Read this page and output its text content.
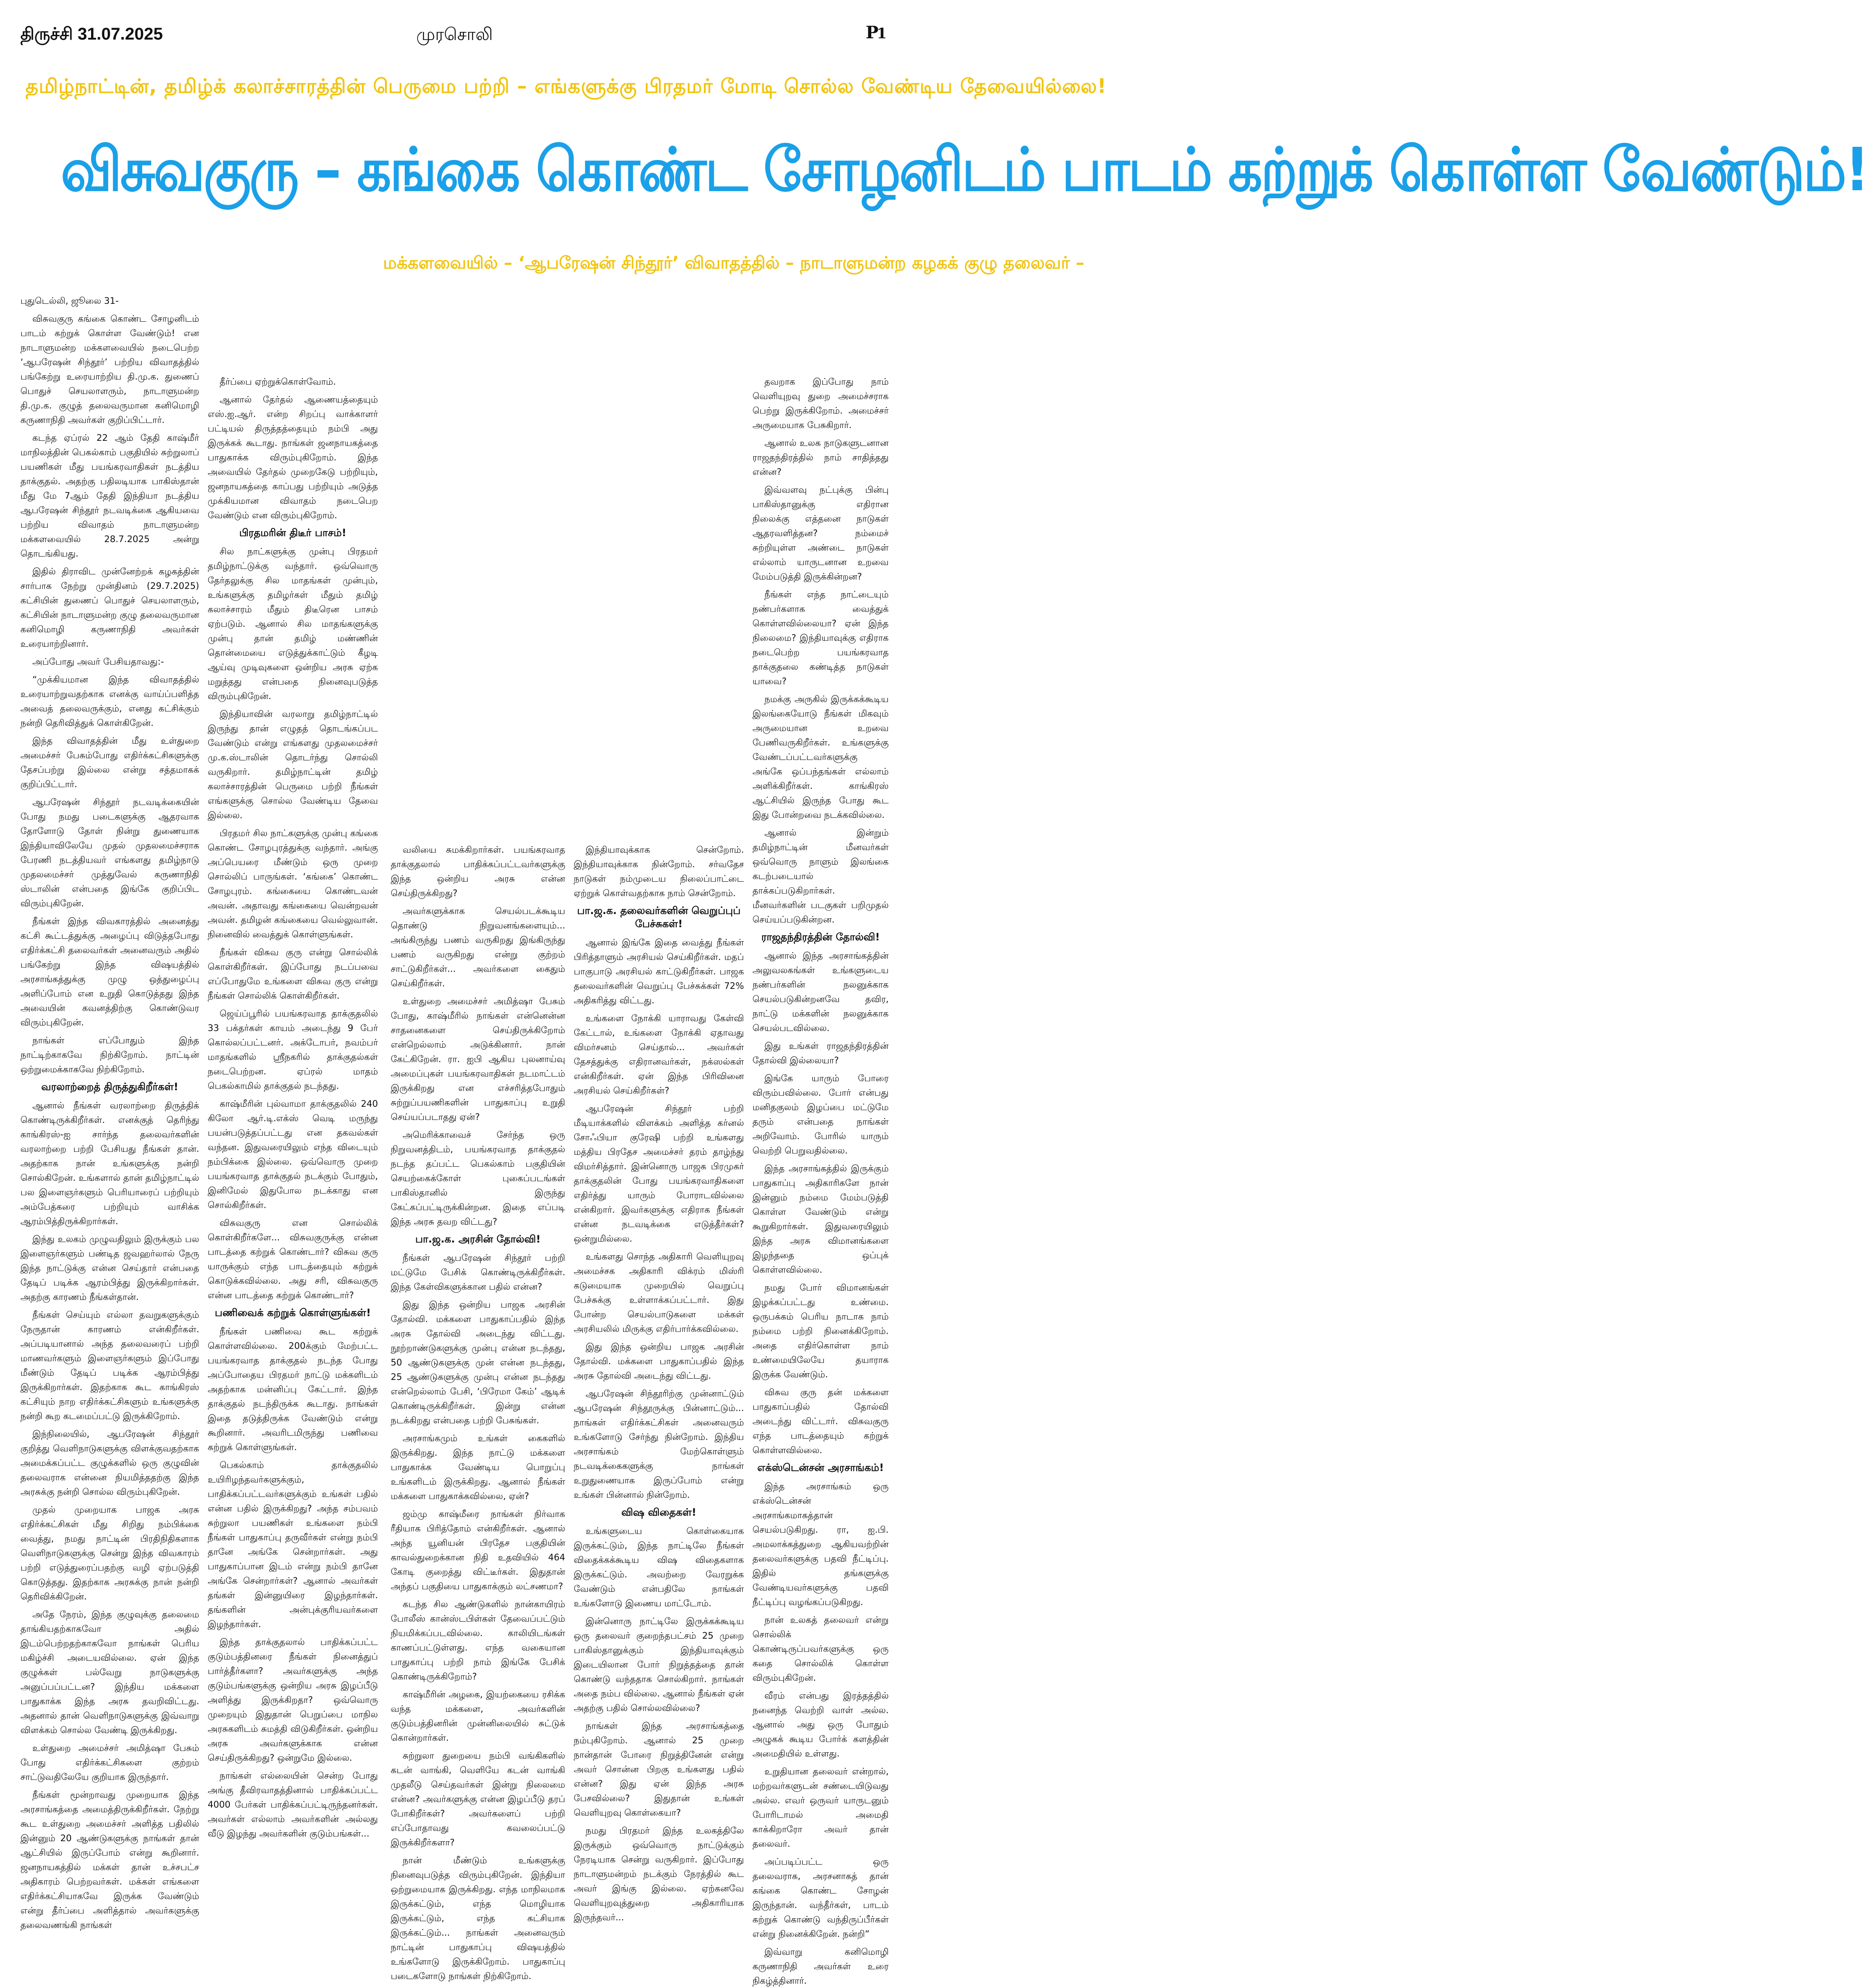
திருச்சி 31.07.2025	முரசொலி	P
1
தமிழ்நாட்டின், தமிழ்க் கலாச்சாரத்தின் பெருமை பற்றி – எங்களுக்கு பிரதமர் மோடி சொல்ல வேண்டிய தேவையில்லை!
விசுவகுரு – கங்கை கொண்ட சோழனிடம் பாடம் கற்றுக் கொள்ள வேண்டும்!

புதுடெல்லி, ஜூலை 31-

விசுவகுரு கங்கை கொண்ட சோழனிடம் பாடம் கற்றுக் கொள்ள வேண்டும்! என நாடாளுமன்ற மக்களவையில் நடைபெற்ற ‘ஆபரேஷன் சிந்தூர்’ பற்றிய விவாதத்தில் பங்கேற்று உரையாற்றிய தி.மு.க. துணைப் பொதுச் செயலாளரும், நாடாளுமன்ற தி.மு.க. குழுத் தலைவருமான கனிமொழி கருணாநிதி அவர்கள் குறிப்பிட்டார்.

கடந்த ஏப்ரல் 22 ஆம் தேதி காஷ்மீர் மாநிலத்தின் பெகல்காம் பகுதியில் சுற்றுலாப் பயணிகள் மீது பயங்கரவாதிகள் நடத்திய தாக்குதல். அதற்கு பதிலடியாக பாகிஸ்தான் மீது மே 7ஆம் தேதி இந்தியா நடத்திய ஆபரேஷன் சிந்தூர் நடவடிக்கை ஆகியவை பற்றிய விவாதம் நாடாளுமன்ற மக்களவையில் 28.7.2025 அன்று தொடங்கியது.

இதில் திராவிட முன்னேற்றக் கழகத்தின் சார்பாக நேற்று முன்தினம் (29.7.2025) கட்சியின் துணைப் பொதுச் செயலாளரும், கட்சியின் நாடாளுமன்ற குழு தலைவருமான கனிமொழி கருணாநிதி அவர்கள் உரையாற்றினார்.

அப்போது அவர் பேசியதாவது:-

“முக்கியமான இந்த விவாதத்தில் உரையாற்றுவதற்காக எனக்கு வாய்ப்பளித்த அவைத் தலைவருக்கும், எனது கட்சிக்கும் நன்றி தெரிவித்துக் கொள்கிறேன்.

இந்த விவாதத்தின் மீது உள்துறை அமைச்சர் பேசும்போது எதிர்க்கட்சிகளுக்கு தேசப்பற்று இல்லை என்று சத்தமாகக் குறிப்பிட்டார்.

ஆபரேஷன் சிந்தூர் நடவடிக்கையின் போது நமது படைகளுக்கு ஆதரவாக தோளோடு தோள் நின்று துணையாக இந்தியாவிலேயே முதல் முதலமைச்சராக பேரணி நடத்தியவர் எங்களது தமிழ்நாடு முதலமைச்சர் முத்துவேல் கருணாநிதி ஸ்டாலின் என்பதை இங்கே குறிப்பிட விரும்புகிறேன்.

நீங்கள் இந்த விவகாரத்தில் அனைத்து கட்சி கூட்டத்துக்கு அழைப்பு விடுத்தபோது எதிர்க்கட்சி தலைவர்கள் அனைவரும் அதில் பங்கேற்று இந்த விஷயத்தில் அரசாங்கத்துக்கு முழு ஒத்துழைப்பு அளிப்போம் என உறுதி கொடுத்தது இந்த அவையின் கவனத்திற்கு கொண்டுவர விரும்புகிறேன்.

நாங்கள் எப்போதும் இந்த நாட்டிற்காகவே நிற்கிறோம். நாட்டின் ஒற்றுமைக்காகவே நிற்கிறோம்.

வரலாற்றைத் திருத்துகிறீர்கள்!

ஆனால் நீங்கள் வரலாற்றை திருத்திக் கொண்டிருக்கிறீர்கள். எனக்குத் தெரிந்து காங்கிரஸ்-ஐ சார்ந்த தலைவர்களின் வரலாற்றை பற்றி பேசியது நீங்கள் தான். அதற்காக நான் உங்களுக்கு நன்றி சொல்கிறேன். உங்களால் தான் தமிழ்நாட்டில் பல இளைஞர்களும் பெரியாரைப் பற்றியும் அம்பேத்கரை பற்றியும் வாசிக்க ஆரம்பித்திருக்கிறார்கள்.

இந்து உலகம் முழுவதிலும் இருக்கும் பல இளைஞர்களும் பண்டித ஜவஹர்லால் நேரு இந்த நாட்டுக்கு என்ன செய்தார் என்பதை தேடிப் படிக்க ஆரம்பித்து இருக்கிறார்கள். அதற்கு காரணம் நீங்கள்தான்.

நீங்கள் செய்யும் எல்லா தவறுகளுக்கும் நேருதான் காரணம் என்கிறீர்கள். அப்படியானால் அந்த தலைவரைப் பற்றி மாணவர்களும் இளைஞர்களும் இப்போது மீண்டும் தேடிப் படிக்க ஆரம்பித்து இருக்கிறார்கள். இதற்காக கூட காங்கிரஸ் கட்சியும் நாற எதிர்க்கட்சிகளும் உங்களுக்கு நன்றி கூற கடமைப்பட்டு இருக்கிறோம்.

இந்நிலையில், ஆபரேஷன் சிந்தூர் குறித்து வெளிநாடுகளுக்கு விளக்குவதற்காக அமைக்கப்பட்ட குழுக்களில் ஒரு குழுவின் தலைவராக என்னை நியமித்ததற்கு இந்த அரசுக்கு நன்றி சொல்ல விரும்புகிறேன்.

முதல் முறையாக பாஜக அரசு எதிர்க்கட்சிகள் மீது சிறிது நம்பிக்கை வைத்து, நமது நாட்டின் பிரதிநிதிகளாக வெளிநாடுகளுக்கு சென்று இந்த விவகாரம் பற்றி எடுத்துரைப்பதற்கு வழி ஏற்படுத்தி கொடுத்தது. இதற்காக அரசுக்கு நான் நன்றி தெரிவிக்கிறேன்.

அதே நேரம், இந்த குழுவுக்கு தலைமை தாங்கியதற்காகவோ அதில் இடம்பெற்றதற்காகவோ நாங்கள் பெரிய மகிழ்ச்சி அடையவில்லை. ஏன் இந்த குழுக்கள் பல்வேறு நாடுகளுக்கு அனுப்பப்பட்டன? இந்திய மக்களை பாதுகாக்க இந்த அரசு தவறிவிட்டது. அதனால் தான் வெளிநாடுகளுக்கு இவ்வாறு விளக்கம் சொல்ல வேண்டி இருக்கிறது.

உள்துறை அமைச்சர் அமித்ஷா பேசும் போது எதிர்க்கட்சிகளை குற்றம் சாட்டுவதிலேயே குறியாக இருந்தார்.

நீங்கள் மூன்றாவது முறையாக இந்த அரசாங்கத்தை அமைத்திருக்கிறீர்கள். நேற்று கூட உள்துறை அமைச்சர் அளித்த பதிலில் இன்னும் 20 ஆண்டுகளுக்கு நாங்கள் தான் ஆட்சியில் இருப்போம் என்று கூறினார். ஜனநாயகத்தில் மக்கள் தான் உச்சபட்ச அதிகாரம் பெற்றவர்கள். மக்கள் எங்களை எதிர்க்கட்சியாகவே இருக்க வேண்டும் என்று தீர்ப்பை அளித்தால் அவர்களுக்கு தலைவணங்கி நாங்கள்

தீர்ப்பை ஏற்றுக்கொள்வோம்.

ஆனால் தேர்தல் ஆணையத்தையும் எஸ்.ஐ.ஆர். என்ற சிறப்பு வாக்காளர் பட்டியல் திருத்தத்தையும் நம்பி அது இருக்கக் கூடாது. நாங்கள் ஜனநாயகத்தை பாதுகாக்க விரும்புகிறோம். இந்த அவையில் தேர்தல் முறைகேடு பற்றியும், ஜனநாயகத்தை காப்பது பற்றியும் அடுத்த முக்கியமான விவாதம் நடைபெற வேண்டும் என விரும்புகிறோம்.

பிரதமரின் திடீர் பாசம்!

சில நாட்களுக்கு முன்பு பிரதமர் தமிழ்நாட்டுக்கு வந்தார். ஒவ்வொரு தேர்தலுக்கு சில மாதங்கள் முன்பும், உங்களுக்கு தமிழர்கள் மீதும் தமிழ் கலாச்சாரம் மீதும் திடீரென பாசம் ஏற்படும். ஆனால் சில மாதங்களுக்கு முன்பு தான் தமிழ் மண்ணின் தொன்மையை எடுத்துக்காட்டும் கீழடி ஆய்வு முடிவுகளை ஒன்றிய அரசு ஏற்க மறுத்தது என்பதை நினைவுபடுத்த விரும்புகிறேன்.

இந்தியாவின் வரலாறு தமிழ்நாட்டில் இருந்து தான் எழுதத் தொடங்கப்பட வேண்டும் என்று எங்களது முதலமைச்சர் மு.க.ஸ்டாலின் தொடர்ந்து சொல்லி வருகிறார். தமிழ்நாட்டின் தமிழ் கலாச்சாரத்தின் பெருமை பற்றி நீங்கள் எங்களுக்கு சொல்ல வேண்டிய தேவை இல்லை.

பிரதமர் சில நாட்களுக்கு முன்பு கங்கை கொண்ட சோழபுரத்துக்கு வந்தார். அங்கு அப்பெயரை மீண்டும் ஒரு முறை சொல்லிப் பாருங்கள். ‘கங்கை’ கொண்ட சோழபுரம். கங்கையை கொண்டவன் அவன். அதாவது கங்கையை வென்றவன் அவன். தமிழன் கங்கையை வெல்லுவான். நினைவில் வைத்துக் கொள்ளுங்கள்.

நீங்கள் விசுவ குரு என்று சொல்லிக் கொள்கிறீர்கள். இப்போது நடப்பவை எப்போதுமே உங்களை விசுவ குரு என்று நீங்கள் சொல்லிக் கொள்கிறீர்கள்.

ஜெய்ப்பூரில் பயங்கரவாத தாக்குதலில் 33 பக்தர்கள் காயம் அடைந்து 9 பேர் கொல்லப்பட்டனர். அக்டோபர், நவம்பர் மாதங்களில் ஸ்ரீநகரில் தாக்குதல்கள் நடைபெற்றன. ஏப்ரல் மாதம் பெகல்காமில் தாக்குதல் நடந்தது.

காஷ்மீரின் புல்வாமா தாக்குதலில் 240 கிலோ ஆர்.டி.எக்ஸ் வெடி மருந்து பயன்படுத்தப்பட்டது என தகவல்கள் வந்தன. இதுவரையிலும் எந்த விடையும் நம்பிக்கை இல்லை. ஒவ்வொரு முறை பயங்கரவாத தாக்குதல் நடக்கும் போதும், இனிமேல் இதுபோல நடக்காது என சொல்கிறீர்கள்.

விசுவகுரு என சொல்லிக் கொள்கிறீர்களே... விசுவகுருக்கு என்ன பாடத்தை கற்றுக் கொண்டார்? விசுவ குரு யாருக்கும் எந்த பாடத்தையும் கற்றுக் கொடுக்கவில்லை. அது சரி, விசுவகுரு என்ன பாடத்தை கற்றுக் கொண்டார்?

பணிவைக் கற்றுக் கொள்ளுங்கள்!

நீங்கள் பணிவை கூட கற்றுக் கொள்ளவில்லை. 200க்கும் மேற்பட்ட பயங்கரவாத தாக்குதல் நடந்த போது அப்போதைய பிரதமர் நாட்டு மக்களிடம் அதற்காக மன்னிப்பு கேட்டார். இந்த தாக்குதல் நடந்திருக்க கூடாது. நாங்கள் இதை தடுத்திருக்க வேண்டும் என்று கூறினார். அவரிடமிருந்து பணிவை கற்றுக் கொள்ளுங்கள்.

பெகல்காம் தாக்குதலில் உயிரிழந்தவர்களுக்கும், பாதிக்கப்பட்டவர்களுக்கும் உங்கள் பதில் என்ன பதில் இருக்கிறது? அந்த சம்பவம் சுற்றுலா பயணிகள் உங்களை நம்பி நீங்கள் பாதுகாப்பு தருவீர்கள் என்று நம்பி தானே அங்கே சென்றார்கள். அது பாதுகாப்பான இடம் என்று நம்பி தானே அங்கே சென்றார்கள்? ஆனால் அவர்கள் தங்கள் இன்னுயிரை இழந்தார்கள். தங்களின் அன்புக்குரியவர்களை இழந்தார்கள்.

இந்த தாக்குதலால் பாதிக்கப்பட்ட குடும்பத்தினரை நீங்கள் நினைத்துப் பார்த்தீர்களா? அவர்களுக்கு அந்த குடும்பங்களுக்கு ஒன்றிய அரசு இழப்பீடு அளித்து இருக்கிறதா? ஒவ்வொரு முறையும் இதுதான் பெறுப்பை மாநில அரசுகளிடம் சுமத்தி விடுகிறீர்கள். ஒன்றிய அரசு அவர்களுக்காக என்ன செய்திருக்கிறது? ஒன்றுமே இல்லை.

நாங்கள் எல்லையின் சென்ற போது அங்கு தீவிரவாதத்தினால் பாதிக்கப்பட்ட 4000 பேர்கள் பாதிக்கப்பட்டிருந்தனர்கள். அவர்கள் எல்லாம் அவர்களின் அல்லது வீடு இழந்து அவர்களின் குடும்பங்கள்...

மக்களவையில் – ‘ஆபரேஷன் சிந்தூர்’ விவாதத்தில் – நாடாளுமன்ற கழகக் குழு தலைவர் –

வலியை சுமக்கிறார்கள். பயங்கரவாத தாக்குதலால் பாதிக்கப்பட்டவர்களுக்கு இந்த ஒன்றிய அரசு என்ன செய்திருக்கிறது?

அவர்களுக்காக செயல்படக்கூடிய தொண்டு நிறுவனங்களையும்... அங்கிருந்து பணம் வருகிறது இங்கிருந்து பணம் வருகிறது என்று குற்றம் சாட்டுகிறீர்கள்... அவர்களை கைதும் செய்கிறீர்கள்.

உள்துறை அமைச்சர் அமித்ஷா பேசும் போது, காஷ்மீரில் நாங்கள் என்னென்ன சாதனைகளை செய்திருக்கிறோம் என்றெல்லாம் அடுக்கினார். நான் கேட்கிறேன். ரா. ஐபி ஆகிய புலனாய்வு அமைப்புகள் பயங்கரவாதிகள் நடமாட்டம் இருக்கிறது என எச்சரித்தபோதும் சுற்றுப்பயணிகளின் பாதுகாப்பு உறுதி செய்யப்படாதது ஏன்?

அமெரிக்காவைச் சேர்ந்த ஒரு நிறுவனத்திடம், பயங்கரவாத தாக்குதல் நடந்த தப்பட்ட பெகல்காம் பகுதியின் செயற்கைக்கோள் புகைப்படங்கள் பாகிஸ்தானில் இருந்து கேட்கப்பட்டிருக்கின்றன. இதை எப்படி இந்த அரசு தவற விட்டது?

பா.ஜ.க. அரசின் தோல்வி!

நீங்கள் ஆபரேஷன் சிந்தூர் பற்றி மட்டுமே பேசிக் கொண்டிருக்கிறீர்கள். இந்த கேள்விகளுக்கான பதில் என்ன?

இது இந்த ஒன்றிய பாஜக அரசின் தோல்வி. மக்களை பாதுகாப்பதில் இந்த அரசு தோல்வி அடைந்து விட்டது. நூற்றாண்டுகளுக்கு முன்பு என்ன நடந்தது, 50 ஆண்டுகளுக்கு முன் என்ன நடந்தது, 25 ஆண்டுகளுக்கு முன்பு என்ன நடந்தது என்றெல்லாம் பேசி, ‘பிரேமா கேம்’ ஆடிக் கொண்டிருக்கிறீர்கள். இன்று என்ன நடக்கிறது என்பதை பற்றி பேசுங்கள்.

அரசாங்கமும் உங்கள் கைகளில் இருக்கிறது. இந்த நாட்டு மக்களை பாதுகாக்க வேண்டிய பொறுப்பு உங்களிடம் இருக்கிறது. ஆனால் நீங்கள் மக்களை பாதுகாக்கவில்லை, ஏன்?

ஜம்மு காஷ்மீரை நாங்கள் நிர்வாக ரீதியாக பிரித்தோம் என்கிறீர்கள். ஆனால் அந்த யூனியன் பிரதேச பகுதியின் காவல்துறைக்கான நிதி உதவியில் 464 கோடி குறைத்து விட்டீர்கள். இதுதான் அந்தப் பகுதியை பாதுகாக்கும் லட்சணமா?

கடந்த சில ஆண்டுகளில் நான்காயிரம் போலீஸ் கான்ஸ்டபிள்கள் தேவைப்பட்டும் நியமிக்கப்படவில்லை. காலியிடங்கள் காணப்பட்டுள்ளது. எந்த வகையான பாதுகாப்பு பற்றி நாம் இங்கே பேசிக் கொண்டிருக்கிறோம்?

காஷ்மீரின் அழகை, இயற்கையை ரசிக்க வந்த மக்களை, அவர்களின் குடும்பத்தினரின் முன்னிலையில் சுட்டுக் கொன்றார்கள்.

சுற்றுலா துறையை நம்பி வங்கிகளில் கடன் வாங்கி, வெளியே கடன் வாங்கி முதலீடு செய்தவர்கள் இன்று நிலைமை என்ன? அவர்களுக்கு என்ன இழப்பீடு தரப் போகிறீர்கள்? அவர்களைப் பற்றி எப்போதாவது கவலைப்பட்டு இருக்கிறீர்களா?

நான் மீண்டும் உங்களுக்கு நினைவுபடுத்த விரும்புகிறேன். இந்தியா ஒற்றுமையாக இருக்கிறது. எந்த மாநிலமாக இருக்கட்டும், எந்த மொழியாக இருக்கட்டும், எந்த கட்சியாக இருக்கட்டும்... நாங்கள் அனைவரும் நாட்டின் பாதுகாப்பு விஷயத்தில் உங்களோடு இருக்கிறோம். பாதுகாப்பு படைகளோடு நாங்கள் நிற்கிறோம்.

இந்தியாவுக்காக சென்றோம். இந்தியாவுக்காக நின்றோம். சர்வதேச நாடுகள் நம்முடைய நிலைப்பாட்டை ஏற்றுக் கொள்வதற்காக நாம் சென்றோம்.

பா.ஜ.க. தலைவர்களின் வெறுப்புப் பேச்சுகள்!

ஆனால் இங்கே இதை வைத்து நீங்கள் பிரித்தாளும் அரசியல் செய்கிறீர்கள். மதப் பாகுபாடு அரசியல் காட்டுகிறீர்கள். பாஜக தலைவர்களின் வெறுப்பு பேச்சுக்கள் 72% அதிகரித்து விட்டது.

உங்களை நோக்கி யாராவது கேள்வி கேட்டால், உங்களை நோக்கி ஏதாவது விமர்சனம் செய்தால்... அவர்கள் தேசத்துக்கு எதிரானவர்கள், நக்ஸல்கள் என்கிறீர்கள். ஏன் இந்த பிரிவினை அரசியல் செய்கிறீர்கள்?

ஆபரேஷன் சிந்தூர் பற்றி மீடியாக்களில் விளக்கம் அளித்த கர்னல் சோஃபியா குரேஷி பற்றி உங்களது மத்திய பிரதேச அமைச்சர் தரம் தாழ்ந்து விமர்சித்தார். இன்னொரு பாஜக பிரமுகர் தாக்குதலின் போது பயங்கரவாதிகளை எதிர்த்து யாரும் போராடவில்லை என்கிறார். இவர்களுக்கு எதிராக நீங்கள் என்ன நடவடிக்கை எடுத்தீர்கள்? ஒன்றுமில்லை.

உங்களது சொந்த அதிகாரி வெளியுறவு அமைச்சக அதிகாரி விக்ரம் மிஸ்ரி கடுமையாக முறையில் வெறுப்பு பேச்சுக்கு உள்ளாக்கப்பட்டார். இது போன்ற செயல்பாடுகளை மக்கள் அரசியலில் மிருக்கு எதிர்பார்க்கவில்லை.

இது இந்த ஒன்றிய பாஜக அரசின் தோல்வி. மக்களை பாதுகாப்பதில் இந்த அரசு தோல்வி அடைந்து விட்டது.

ஆபரேஷன் சிந்தூரிற்கு முன்னாட்டும் ஆபரேஷன் சிந்தூருக்கு பின்னாட்டும்... நாங்கள் எதிர்க்கட்சிகள் அனைவரும் உங்களோடு சேர்ந்து நின்றோம். இந்திய அரசாங்கம் மேற்கொள்ளும் நடவடிக்கைகளுக்கு நாங்கள் உறுதுணையாக இருப்போம் என்று உங்கள் பின்னால் நின்றோம்.

விஷ விதைகள்!

உங்களுடைய கொள்கையாக இருக்கட்டும், இந்த நாட்டிலே நீங்கள் விதைக்கக்கூடிய விஷ விதைகளாக இருக்கட்டும். அவற்றை வேரறுக்க வேண்டும் என்பதிலே நாங்கள் உங்களோடு இணைய மாட்டோம்.

இன்னொரு நாட்டிலே இருக்கக்கூடிய ஒரு தலைவர் குறைந்தபட்சம் 25 முறை பாகிஸ்தானுக்கும் இந்தியாவுக்கும் இடையிலான போர் நிறுத்தத்தை தான் கொண்டு வந்ததாக சொல்கிறார். நாங்கள் அதை நம்ப வில்லை. ஆனால் நீங்கள் ஏன் அதற்கு பதில் சொல்லவில்லை?

நாங்கள் இந்த அரசாங்கத்தை நம்புகிறோம். ஆனால் 25 முறை நான்தான் போரை நிறுத்தினேன் என்று அவர் சொன்ன பிறகு உங்களது பதில் என்ன? இது ஏன் இந்த அரசு பேசவில்லை? இதுதான் உங்கள் வெளியுறவு கொள்கையா?

நமது பிரதமர் இந்த உலகத்திலே இருக்கும் ஒவ்வொரு நாட்டுக்கும் நேரடியாக சென்று வருகிறார். இப்போது நாடாளுமன்றம் நடக்கும் நேரத்தில் கூட அவர் இங்கு இல்லை. ஏற்கனவே வெளியுறவுத்துறை அதிகாரியாக இருந்தவர்...

தவறாக இப்போது நாம் வெளியுறவு துறை அமைச்சராக பெற்று இருக்கிறோம். அமைச்சர் அருமையாக பேசுகிறார்.

ஆனால் உலக நாடுகளுடனான ராஜதந்திரத்தில் நாம் சாதித்தது என்ன?

இவ்வளவு நட்புக்கு பின்பு பாகிஸ்தானுக்கு எதிரான நிலைக்கு எத்தனை நாடுகள் ஆதரவளித்தன? நம்மைச் சுற்றியுள்ள அண்டை நாடுகள் எல்லாம் யாருடனான உறவை மேம்படுத்தி இருக்கின்றன?

நீங்கள் எந்த நாட்டையும் நண்பர்களாக வைத்துக் கொள்ளவில்லையா? ஏன் இந்த நிலைமை? இந்தியாவுக்கு எதிராக நடைபெற்ற பயங்கரவாத தாக்குதலை கண்டித்த நாடுகள் யாவை?

நமக்கு அருகில் இருக்கக்கூடிய இலங்கையோடு நீங்கள் மிகவும் அருமையான உறவை பேணிவருகிறீர்கள். உங்களுக்கு வேண்டப்பட்டவர்களுக்கு அங்கே ஒப்பந்தங்கள் எல்லாம் அளிக்கிறீர்கள். காங்கிரஸ் ஆட்சியில் இருந்த போது கூட இது போன்றவை நடக்கவில்லை.

ஆனால் இன்றும் தமிழ்நாட்டின் மீனவர்கள் ஒவ்வொரு நாளும் இலங்கை கடற்படையால் தாக்கப்படுகிறார்கள். மீனவர்களின் படகுகள் பறிமுதல் செய்யப்படுகின்றன.

ராஜதந்திரத்தின் தோல்வி!

ஆனால் இந்த அரசாங்கத்தின் அலுவலகங்கள் உங்களுடைய நண்பர்களின் நலனுக்காக செயல்படுகின்றனவே தவிர, நாட்டு மக்களின் நலனுக்காக செயல்படவில்லை.

இது உங்கள் ராஜதந்திரத்தின் தோல்வி இல்லையா?

இங்கே யாரும் போரை விரும்பவில்லை. போர் என்பது மனிதகுலம் இழப்பை மட்டுமே தரும் என்பதை நாங்கள் அறிவோம். போரில் யாரும் வெற்றி பெறுவதில்லை.

இந்த அரசாங்கத்தில் இருக்கும் பாதுகாப்பு அதிகாரிகளே நான் இன்னும் நம்மை மேம்படுத்தி கொள்ள வேண்டும் என்று கூறுகிறார்கள். இதுவரையிலும் இந்த அரசு விமானங்களை இழந்ததை ஒப்புக் கொள்ளவில்லை.

நமது போர் விமானங்கள் இழக்கப்பட்டது உண்மை. ஒருபக்கம் பெரிய நாடாக நாம் நம்மை பற்றி நினைக்கிறோம். அதை எதிர்கொள்ள நாம் உண்மையிலேயே தயாராக இருக்க வேண்டும்.

விசுவ குரு தன் மக்களை பாதுகாப்பதில் தோல்வி அடைந்து விட்டார். விசுவகுரு எந்த பாடத்தையும் கற்றுக் கொள்ளவில்லை.

எக்ஸ்டென்சன் அரசாங்கம்!

இந்த அரசாங்கம் ஒரு எக்ஸ்டென்சன் அரசாங்கமாகத்தான் செயல்படுகிறது. ரா, ஐ.பி. அமலாக்கத்துறை ஆகியவற்றின் தலைவர்களுக்கு பதவி நீட்டிப்பு. இதில் தங்களுக்கு வேண்டியவர்களுக்கு பதவி நீட்டிப்பு வழங்கப்படுகிறது.

நான் உலகத் தலைவர் என்று சொல்லிக் கொண்டிருப்பவர்களுக்கு ஒரு கதை சொல்லிக் கொள்ள விரும்புகிறேன்.

வீரம் என்பது இரத்தத்தில் நனைந்த வெற்றி வாள் அல்ல. ஆனால் அது ஒரு போதும் அழுகக் கூடிய போர்க் களத்தின் அமைதியில் உள்ளது.

உறுதியான தலைவர் என்றால், மற்றவர்களுடன் சண்டையிடுவது அல்ல. எவர் ஒருவர் யாருடனும் போரிடாமல் அமைதி காக்கிறாரோ அவர் தான் தலைவர்.

அப்படிப்பட்ட ஒரு தலைவராக, அரசனாகத் தான் கங்கை கொண்ட சோழன் இருந்தான். வந்தீர்கள், பாடம் கற்றுக் கொண்டு வந்திருப்பீர்கள் என்று நினைக்கிறேன். நன்றி”

இவ்வாறு கனிமொழி கருணாநிதி அவர்கள் உரை நிகழ்த்தினார்.
